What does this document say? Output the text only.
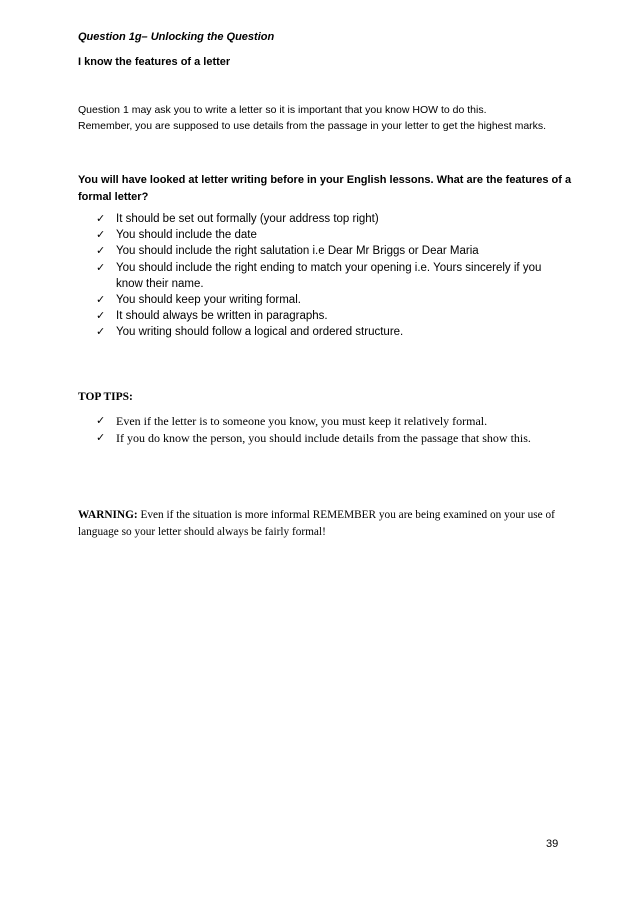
Question 1g– Unlocking the Question
I know the features of a letter

Question 1 may ask you to write a letter so it is important that you know HOW to do this.

Remember, you are supposed to use details from the passage in your letter to get the highest marks.

You will have looked at letter writing before in your English lessons. What are the features of a formal letter?
✓ It should be set out formally (your address top right)
✓ You should include the date
✓ You should include the right salutation i.e Dear Mr Briggs or Dear Maria
✓ You should include the right ending to match your opening i.e. Yours sincerely if you know their name.
✓ You should keep your writing formal.
✓ It should always be written in paragraphs.
✓ You writing should follow a logical and ordered structure.
TOP TIPS:
✓ Even if the letter is to someone you know, you must keep it relatively formal.
✓ If you do know the person, you should include details from the passage that show this.
WARNING: Even if the situation is more informal REMEMBER you are being examined on your use of language so your letter should always be fairly formal!
39
